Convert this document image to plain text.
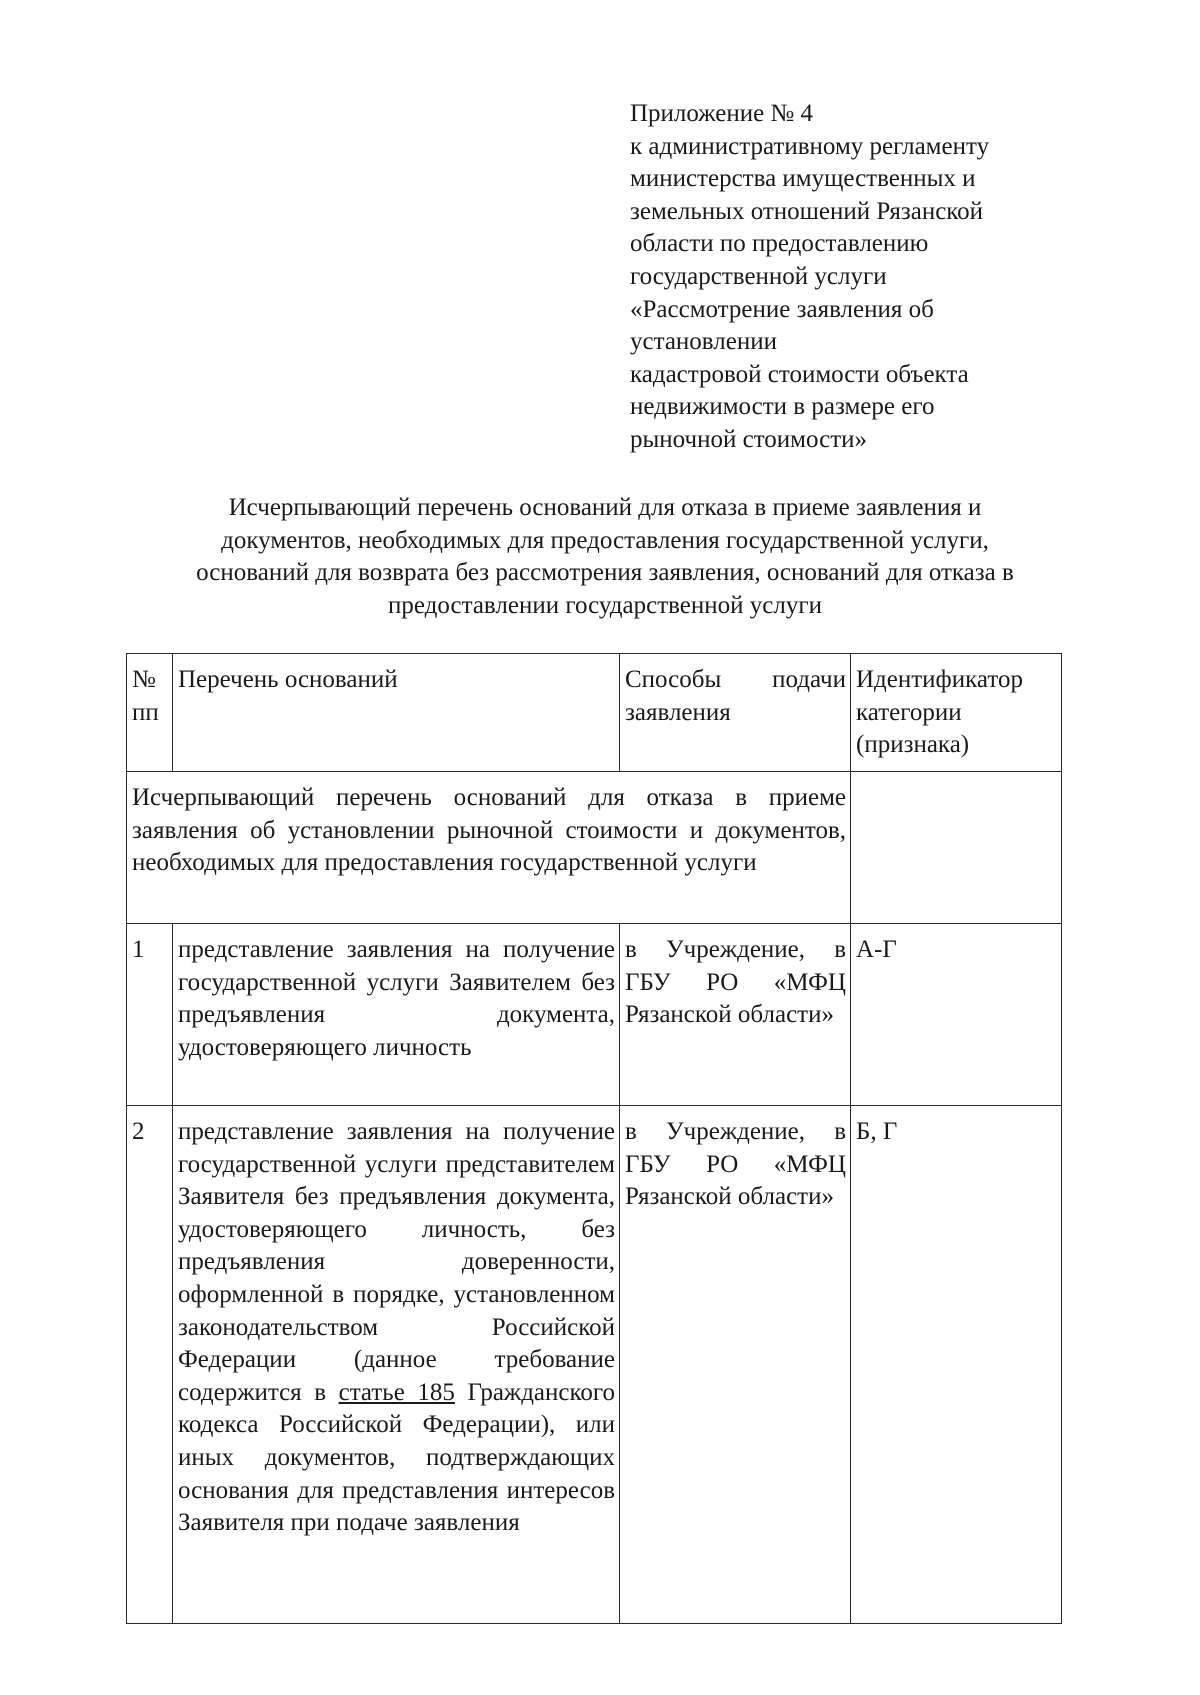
Приложение № 4
к административному регламенту
министерства имущественных и
земельных отношений Рязанской
области по предоставлению
государственной услуги
«Рассмотрение заявления об
установлении
кадастровой стоимости объекта
недвижимости в размере его
рыночной стоимости»
Исчерпывающий перечень оснований для отказа в приеме заявления и
документов, необходимых для предоставления государственной услуги,
оснований для возврата без рассмотрения заявления, оснований для отказа в
предоставлении государственной услуги
№ пп	Перечень оснований	Способы подачи заявления	Идентификатор категории (признака)
Исчерпывающий перечень оснований для отказа в приеме заявления об установлении рыночной стоимости и документов, необходимых для предоставления государственной услуги			
1	представление заявления на получение государственной услуги Заявителем без предъявления документа, удостоверяющего личность	в Учреждение, в ГБУ РО «МФЦ Рязанской области»	А-Г
2	представление заявления на получение государственной услуги представителем Заявителя без предъявления документа, удостоверяющего личность, без предъявления доверенности, оформленной в порядке, установленном законодательством Российской Федерации (данное требование содержится в статье 185 Гражданского кодекса Российской Федерации), или иных документов, подтверждающих основания для представления интересов Заявителя при подаче заявления	в Учреждение, в ГБУ РО «МФЦ Рязанской области»	Б, Г
